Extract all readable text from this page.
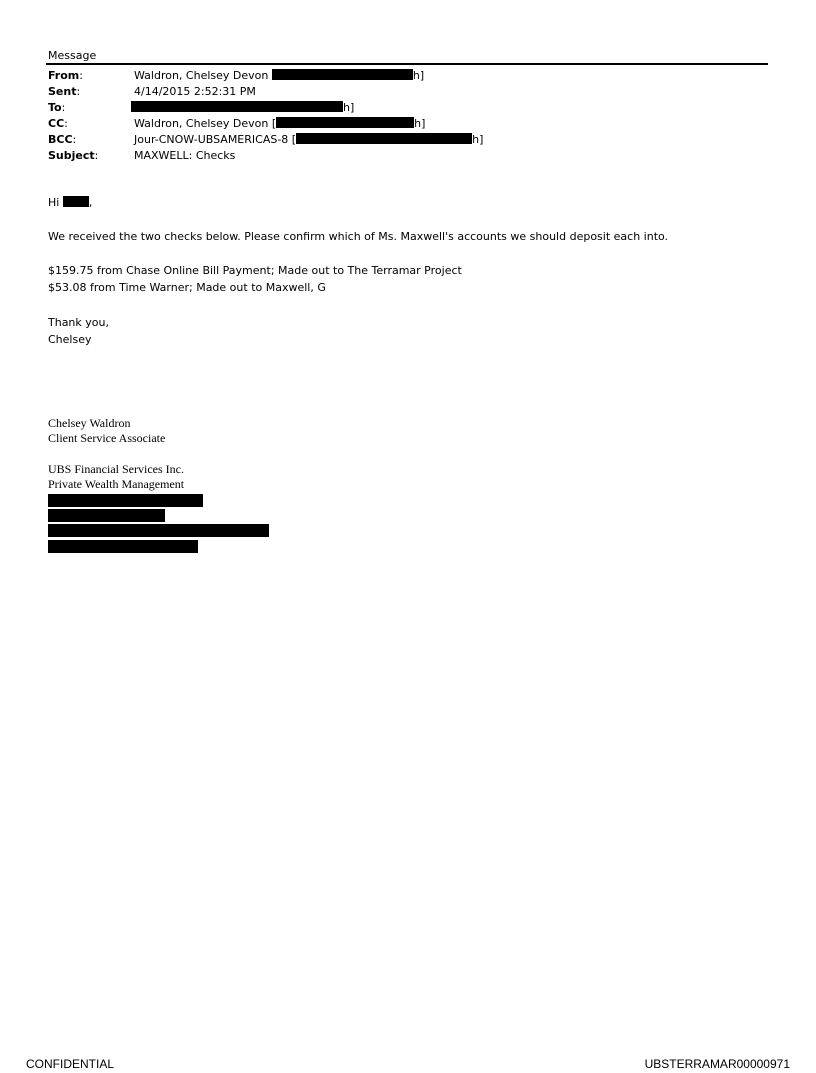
Message
From:	Waldron, Chelsey Devon	h]
Sent:	4/14/2015 2:52:31 PM
To:	h]
CC:	Waldron, Chelsey Devon [	h]
BCC:	Jour-CNOW-UBSAMERICAS-8 [	h]
Subject:	MAXWELL: Checks
Hi	,
We received the two checks below. Please confirm which of Ms. Maxwell's accounts we should deposit each into.
$159.75 from Chase Online Bill Payment; Made out to The Terramar Project
$53.08 from Time Warner; Made out to Maxwell, G
Thank you,
Chelsey
Chelsey Waldron
Client Service Associate
UBS Financial Services Inc.
Private Wealth Management
CONFIDENTIAL	UBSTERRAMAR00000971
